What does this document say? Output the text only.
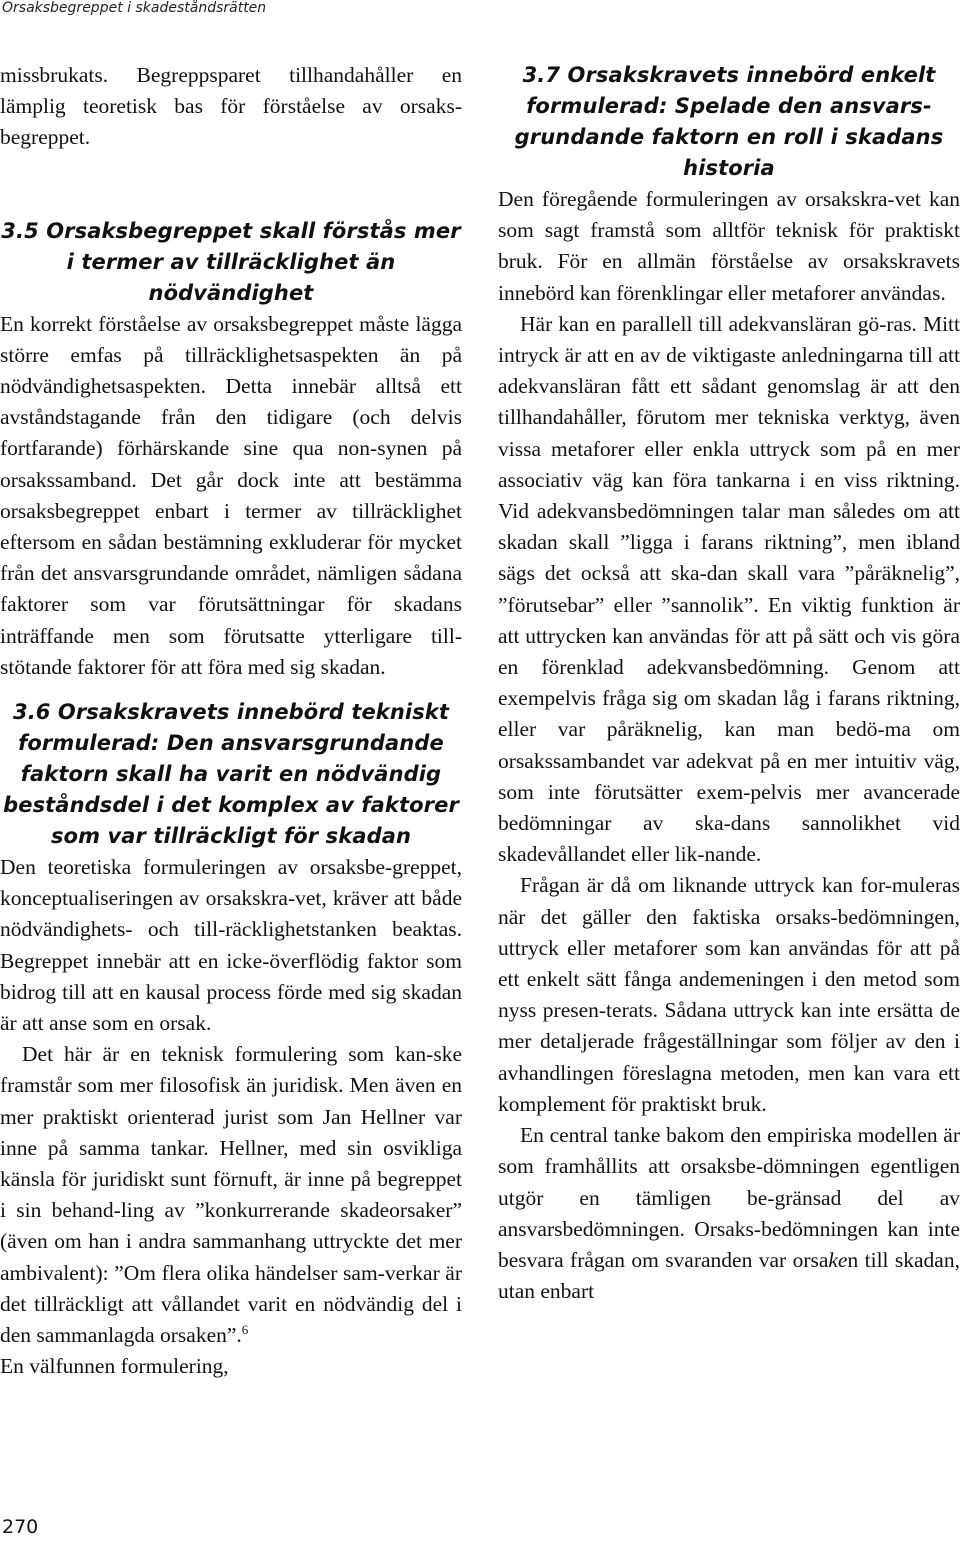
Orsaksbegreppet i skadeståndsrätten

missbrukats. Begreppsparet tillhandahåller en lämplig teoretisk bas för förståelse av orsaks-begreppet.

3.5 Orsaksbegreppet skall förstås mer i termer av tillräcklighet än nödvändighet

En korrekt förståelse av orsaksbegreppet måste lägga större emfas på tillräcklighetsaspekten än på nödvändighetsaspekten. Detta innebär alltså ett avståndstagande från den tidigare (och delvis fortfarande) förhärskande sine qua non-synen på orsakssamband. Det går dock inte att bestämma orsaksbegreppet enbart i termer av tillräcklighet eftersom en sådan bestämning exkluderar för mycket från det ansvarsgrundande området, nämligen sådana faktorer som var förutsättningar för skadans inträffande men som förutsatte ytterligare till-stötande faktorer för att föra med sig skadan.

3.6 Orsakskravets innebörd tekniskt formulerad: Den ansvarsgrundande faktorn skall ha varit en nödvändig beståndsdel i det komplex av faktorer som var tillräckligt för skadan

Den teoretiska formuleringen av orsaksbe-greppet, konceptualiseringen av orsakskra-vet, kräver att både nödvändighets- och till-räcklighetstanken beaktas. Begreppet innebär att en icke-överflödig faktor som bidrog till att en kausal process förde med sig skadan är att anse som en orsak.

Det här är en teknisk formulering som kan-ske framstår som mer filosofisk än juridisk. Men även en mer praktiskt orienterad jurist som Jan Hellner var inne på samma tankar. Hellner, med sin osvikliga känsla för juridiskt sunt förnuft, är inne på begreppet i sin behand-ling av ”konkurrerande skadeorsaker” (även om han i andra sammanhang uttryckte det mer ambivalent): ”Om flera olika händelser sam-verkar är det tillräckligt att vållandet varit en nödvändig del i den sammanlagda orsaken”.$^6$
En välfunnen formulering,

3.7 Orsakskravets innebörd enkelt formulerad: Spelade den ansvars-grundande faktorn en roll i skadans historia

Den föregående formuleringen av orsakskra-vet kan som sagt framstå som alltför teknisk för praktiskt bruk. För en allmän förståelse av orsakskravets innebörd kan förenklingar eller metaforer användas.

Här kan en parallell till adekvansläran gö-ras. Mitt intryck är att en av de viktigaste anledningarna till att adekvansläran fått ett sådant genomslag är att den tillhandahåller, förutom mer tekniska verktyg, även vissa metaforer eller enkla uttryck som på en mer associativ väg kan föra tankarna i en viss riktning. Vid adekvansbedömningen talar man således om att skadan skall ”ligga i farans riktning”, men ibland sägs det också att ska-dan skall vara ”påräknelig”, ”förutsebar” eller ”sannolik”. En viktig funktion är att uttrycken kan användas för att på sätt och vis göra en förenklad adekvansbedömning. Genom att exempelvis fråga sig om skadan låg i farans riktning, eller var påräknelig, kan man bedö-ma om orsakssambandet var adekvat på en mer intuitiv väg, som inte förutsätter exem-pelvis mer avancerade bedömningar av ska-dans sannolikhet vid skadevållandet eller lik-nande.

Frågan är då om liknande uttryck kan for-muleras när det gäller den faktiska orsaks-bedömningen, uttryck eller metaforer som kan användas för att på ett enkelt sätt fånga andemeningen i den metod som nyss presen-terats. Sådana uttryck kan inte ersätta de mer detaljerade frågeställningar som följer av den i avhandlingen föreslagna metoden, men kan vara ett komplement för praktiskt bruk.

En central tanke bakom den empiriska modellen är som framhållits att orsaksbe-dömningen egentligen utgör en tämligen be-gränsad del av ansvarsbedömningen. Orsaks-bedömningen kan inte besvara frågan om svaranden var orsaken till skadan, utan enbart

270
